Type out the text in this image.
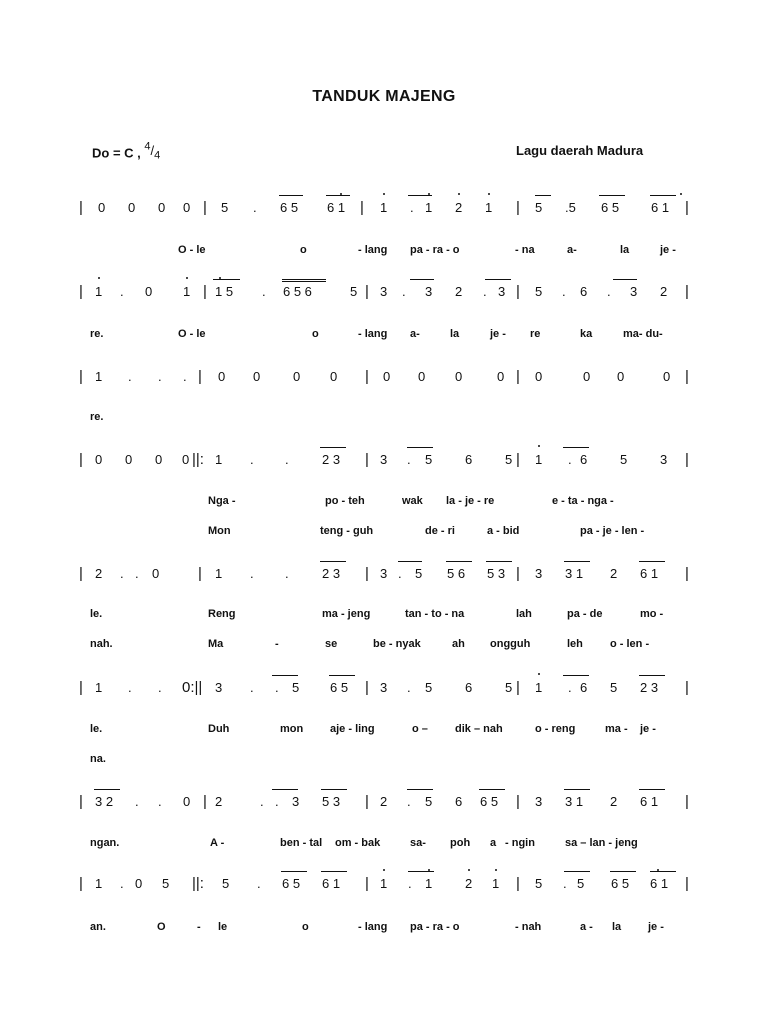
TANDUK MAJENG
Do = C , $^4/_4$	Lagu daerah Madura
| 0 0 0 0 | 5 . 6 5 6 1 | 1 . 1 2 1 | 5 .5 6 5 6 1 |
| 1 . 0 1 | 1 5 . 6 5 6	5 | 3 . 3 2 . 3 | 5 . 6 . 3 2 |
| 1 . . . | 0 0	0 0 | 0 0 0	0 | 0	0 0	0 |
| 0 0 0 0 ||: 1 . .	2 3 | 3 . 5	6	5 | 1 . 6	5	3 |
| 2 . . 0	| 1 . .	2 3 | 3 . 5 5 6 5 3 | 3 3 1 2 6 1 |
| 1 . . 0:|| 3 . . 5 6 5 | 3 . 5	6	5 | 1 . 6 5 2 3 |
| 3 2 . . 0 | 2	. . 3 5 3 | 2 . 5 6 6 5 | 3 3 1 2 6 1 |
| 1 . 0 5 ||: 5 . 6 5 6 1 | 1 . 1	2 1 | 5 . 5 6 5 6 1 |
O - le	o	- lang pa - ra - o	- na	a-	la	je -
re.	O - le	o	- lang a-	la	je - re	ka	ma- du-
re.
Nga -	po - teh	wak la - je - re	e - ta - nga -
Mon	teng - guh	de - ri	a - bid	pa - je - len -
le.	Reng	ma - jeng	tan - to - na	lah	pa - de	mo -
nah.	Ma	-	se	be - nyak	ah ongguh	leh o - len -
le.	Duh	mon aje - ling	o – dik – nah	o - reng	ma - je -
na.
ngan.	A -	ben - tal om - bak	sa- poh a - ngin	sa – lan - jeng
an.	O	- le	o	- lang pa - ra - o	- nah	a - la je -
